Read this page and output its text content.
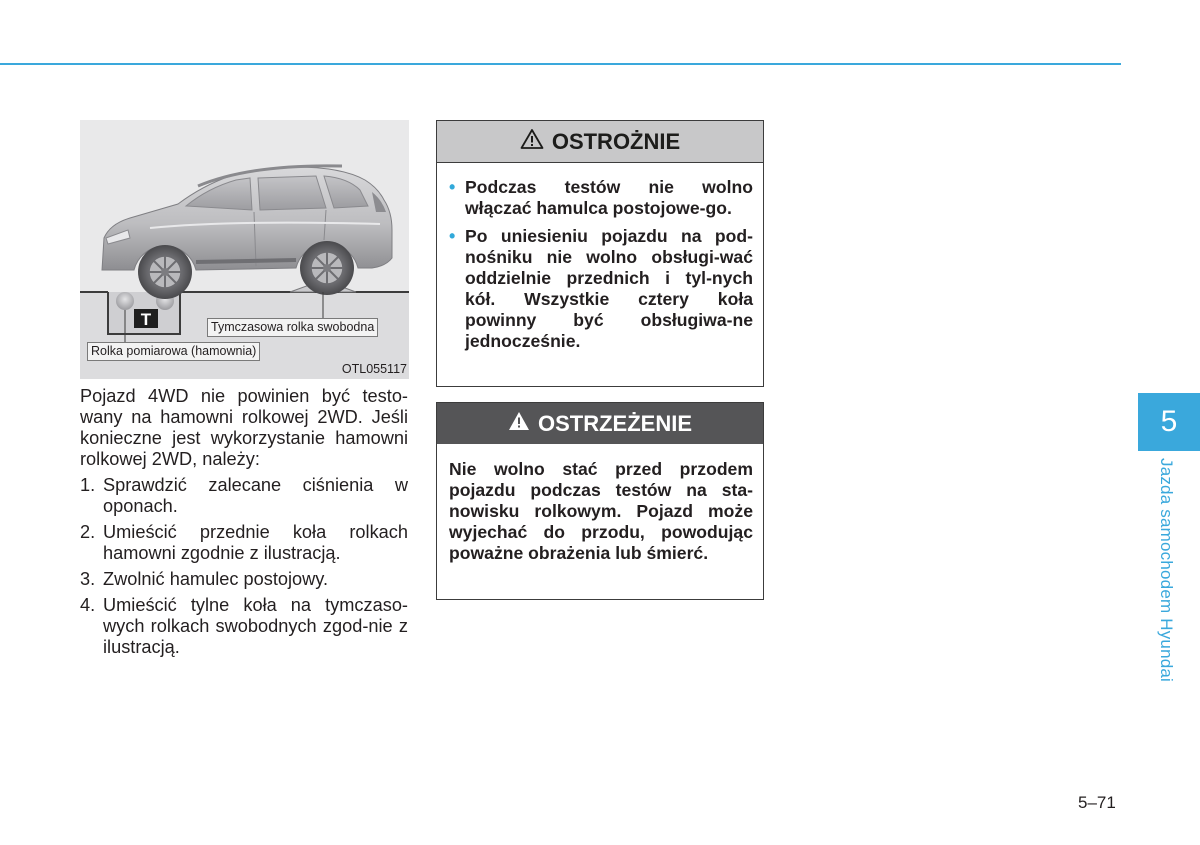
T	Tymczasowa rolka swobodna
Rolka pomiarowa (hamownia)
OTL055117

Pojazd 4WD nie powinien być testo-wany na hamowni rolkowej 2WD. Jeśli konieczne jest wykorzystanie hamowni rolkowej 2WD, należy:

1. Sprawdzić zalecane ciśnienia w oponach.
2. Umieścić przednie koła rolkach hamowni zgodnie z ilustracją.
3. Zwolnić hamulec postojowy.
4. Umieścić tylne koła na tymczaso-wych rolkach swobodnych zgod-nie z ilustracją.
OSTROŻNIE
• Podczas testów nie wolno włączać hamulca postojowe-go.
• Po uniesieniu pojazdu na pod-nośniku nie wolno obsługi-wać oddzielnie przednich i tyl-nych kół. Wszystkie cztery koła powinny być obsługiwa-ne jednocześnie.
OSTRZEŻENIE

Nie wolno stać przed przodem pojazdu podczas testów na sta-nowisku rolkowym. Pojazd może wyjechać do przodu, powodując poważne obrażenia lub śmierć.

5
Jazda samochodem Hyundai
5–71
